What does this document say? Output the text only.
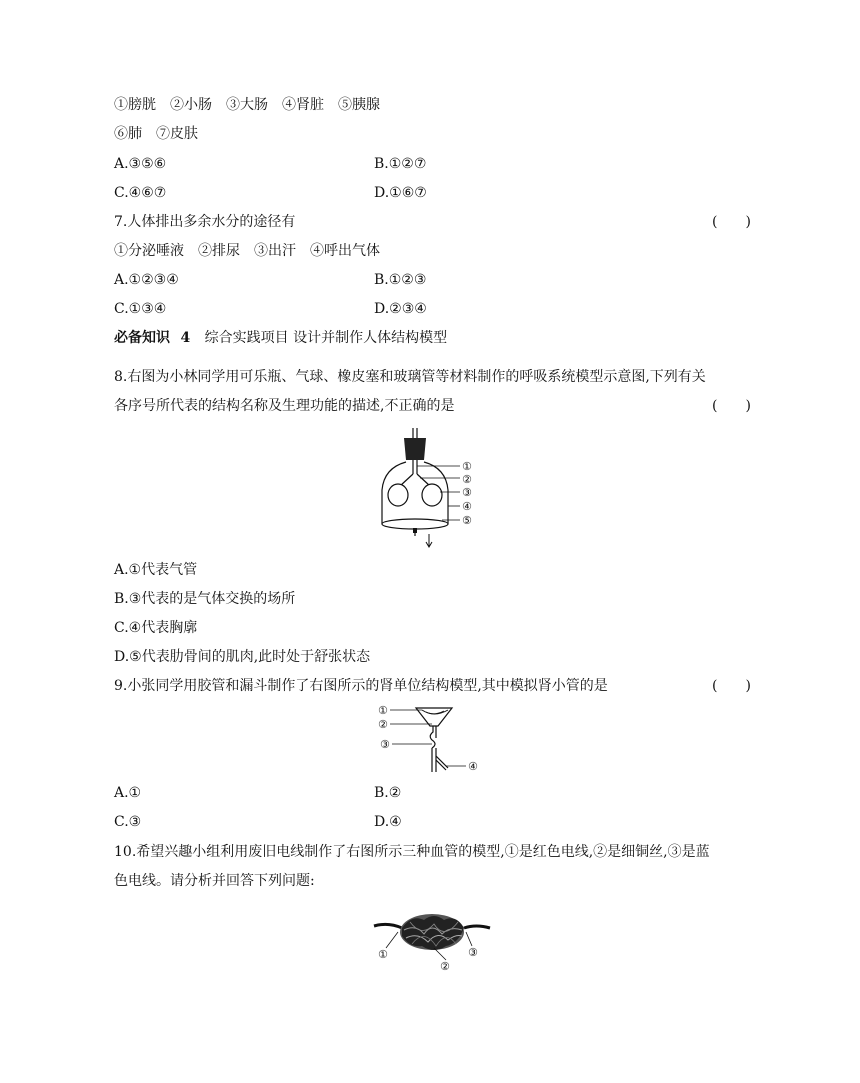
①膀胱　②小肠　③大肠　④肾脏　⑤胰腺
⑥肺　⑦皮肤
A.③⑤⑥	B.①②⑦
C.④⑥⑦	D.①⑥⑦
7.人体排出多余水分的途径有	(　　)
①分泌唾液　②排尿　③出汗　④呼出气体
A.①②③④	B.①②③
C.①③④	D.②③④
必备知识 4 综合实践项目 设计并制作人体结构模型
8.右图为小林同学用可乐瓶、气球、橡皮塞和玻璃管等材料制作的呼吸系统模型示意图,下列有关
各序号所代表的结构名称及生理功能的描述,不正确的是	(　　)
①
②
③
④
⑤
A.①代表气管
B.③代表的是气体交换的场所
C.④代表胸廓
D.⑤代表肋骨间的肌肉,此时处于舒张状态
9.小张同学用胶管和漏斗制作了右图所示的肾单位结构模型,其中模拟肾小管的是	(　　)
①
②
③
④
A.①	B.②
C.③	D.④
10.希望兴趣小组利用废旧电线制作了右图所示三种血管的模型,①是红色电线,②是细铜丝,③是蓝
色电线。请分析并回答下列问题:
①
②
③
